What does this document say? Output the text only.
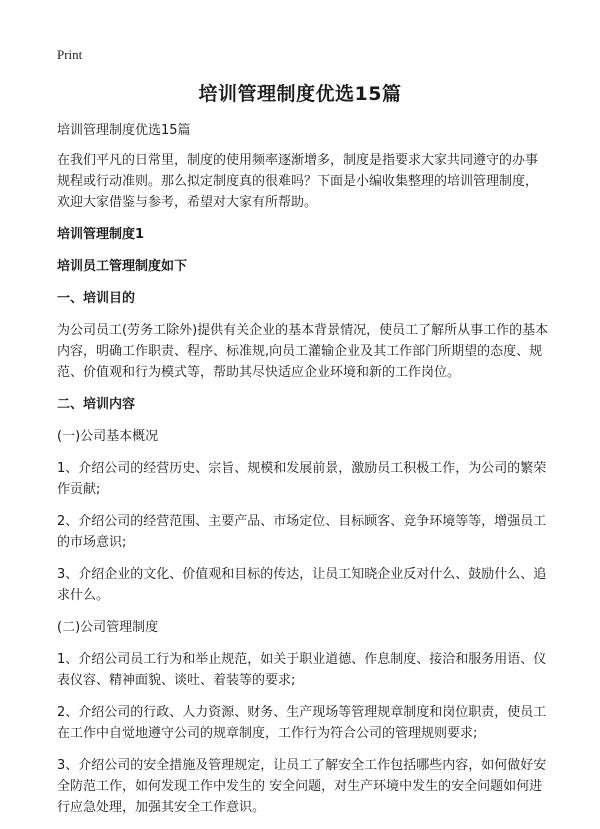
Print
培训管理制度优选15篇

培训管理制度优选15篇

在我们平凡的日常里，制度的使用频率逐渐增多，制度是指要求大家共同遵守的办事规程或行动准则。那么拟定制度真的很难吗？下面是小编收集整理的培训管理制度，欢迎大家借鉴与参考，希望对大家有所帮助。

培训管理制度1

培训员工管理制度如下

一、培训目的

为公司员工(劳务工除外)提供有关企业的基本背景情况，使员工了解所从事工作的基本内容，明确工作职责、程序、标准规,向员工灌输企业及其工作部门所期望的态度、规范、价值观和行为模式等，帮助其尽快适应企业环境和新的工作岗位。

二、培训内容

(一)公司基本概况

1、介绍公司的经营历史、宗旨、规模和发展前景，激励员工积极工作，为公司的繁荣作贡献;

2、介绍公司的经营范围、主要产品、市场定位、目标顾客、竞争环境等等，增强员工的市场意识;

3、介绍企业的文化、价值观和目标的传达，让员工知晓企业反对什么、鼓励什么、追求什么。

(二)公司管理制度

1、介绍公司员工行为和举止规范，如关于职业道德、作息制度、接洽和服务用语、仪表仪容、精神面貌、谈吐、着装等的要求;

2、介绍公司的行政、人力资源、财务、生产现场等管理规章制度和岗位职责，使员工在工作中自觉地遵守公司的规章制度，工作行为符合公司的管理规则要求;

3、介绍公司的安全措施及管理规定，让员工了解安全工作包括哪些内容，如何做好安全防范工作，如何发现工作中发生的 安全问题，对生产环境中发生的安全问题如何进行应急处理，加强其安全工作意识。
